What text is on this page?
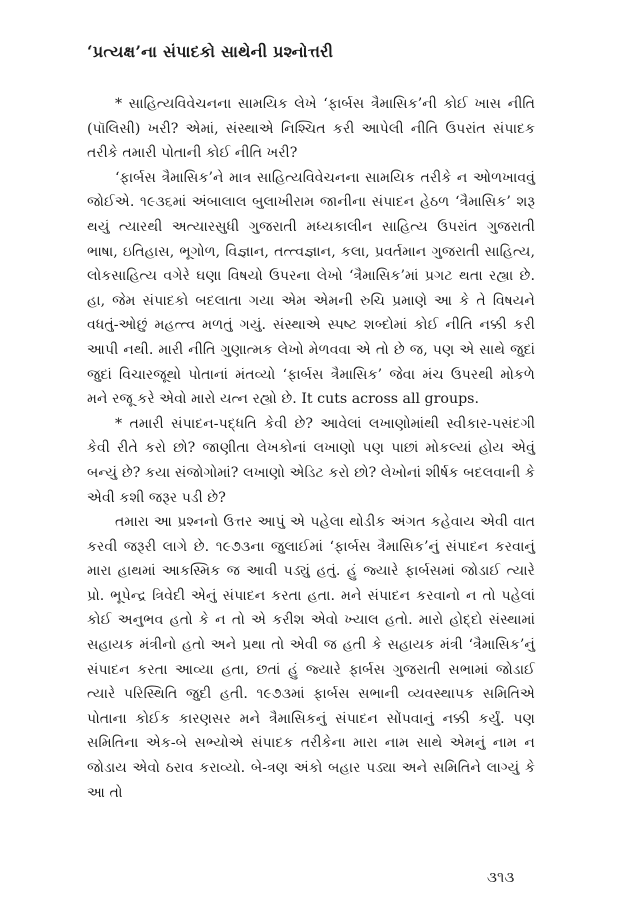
‘પ્રત્યક્ષ’ના સંપાદકો સાથેની પ્રશ્નોત્તરી

* સાહિત્યવિવેચનના સામયિક લેખે ‘ફાર્બસ ત્રૈમાસિક’ની કોઈ ખાસ નીતિ (પૉલિસી) ખરી? એમાં, સંસ્થાએ નિશ્ચિત કરી આપેલી નીતિ ઉપરાંત સંપાદક તરીકે તમારી પોતાની કોઈ નીતિ ખરી?

‘ફાર્બસ ત્રૈમાસિક’ને માત્ર સાહિત્યવિવેચનના સામયિક તરીકે ન ઓળખાવવું જોઈએ. ૧૯૩૬માં અંબાલાલ બુલાખીરામ જાનીના સંપાદન હેઠળ ‘ત્રૈમાસિક’ શરૂ થયું ત્યારથી અત્યારસુધી ગુજરાતી મધ્યકાલીન સાહિત્ય ઉપરાંત ગુજરાતી ભાષા, ઇતિહાસ, ભૂગોળ, વિજ્ઞાન, તત્ત્વજ્ઞાન, કલા, પ્રવર્તમાન ગુજરાતી સાહિત્ય, લોકસાહિત્ય વગેરે ઘણા વિષયો ઉપરના લેખો ‘ત્રૈમાસિક’માં પ્રગટ થતા રહ્યા છે. હા, જેમ સંપાદકો બદલાતા ગયા એમ એમની રુચિ પ્રમાણે આ કે તે વિષયને વધતું-ઓછું મહત્ત્વ મળતું ગયું. સંસ્થાએ સ્પષ્ટ શબ્દોમાં કોઈ નીતિ નક્કી કરી આપી નથી. મારી નીતિ ગુણાત્મક લેખો મેળવવા એ તો છે જ, પણ એ સાથે જુદાં જુદાં વિચારજૂથો પોતાનાં મંતવ્યો ‘ફાર્બસ ત્રૈમાસિક’ જેવા મંચ ઉપરથી મોકળે મને રજૂ કરે એવો મારો યત્ન રહ્યો છે. It cuts across all groups.

* તમારી સંપાદન-પદ્ધતિ કેવી છે? આવેલાં લખાણોમાંથી સ્વીકાર-પસંદગી કેવી રીતે કરો છો? જાણીતા લેખકોનાં લખાણો પણ પાછાં મોકલ્યાં હોય એવું બન્યું છે? કયા સંજોગોમાં? લખાણો એડિટ કરો છો? લેખોનાં શીર્ષક બદલવાની કે એવી કશી જરૂર પડી છે?

તમારા આ પ્રશ્નનો ઉત્તર આપું એ પહેલા થોડીક અંગત કહેવાય એવી વાત કરવી જરૂરી લાગે છે. ૧૯૭૩ના જુલાઈમાં ‘ફાર્બસ ત્રૈમાસિક’નું સંપાદન કરવાનું મારા હાથમાં આકસ્મિક જ આવી પડ્યું હતું. હું જ્યારે ફાર્બસમાં જોડાઈ ત્યારે પ્રો. ભૂપેન્દ્ર ત્રિવેદી એનું સંપાદન કરતા હતા. મને સંપાદન કરવાનો ન તો પહેલાં કોઈ અનુભવ હતો કે ન તો એ કરીશ એવો ખ્યાલ હતો. મારો હોદ્દો સંસ્થામાં સહાયક મંત્રીનો હતો અને પ્રથા તો એવી જ હતી કે સહાયક મંત્રી ‘ત્રૈમાસિક’નું સંપાદન કરતા આવ્યા હતા, છતાં હું જ્યારે ફાર્બસ ગુજરાતી સભામાં જોડાઈ ત્યારે પરિસ્થિતિ જુદી હતી. ૧૯૭૩માં ફાર્બસ સભાની વ્યવસ્થાપક સમિતિએ પોતાના કોઈક કારણસર મને ત્રૈમાસિકનું સંપાદન સોંપવાનું નક્કી કર્યું. પણ સમિતિના એક-બે સભ્યોએ સંપાદક તરીકેના મારા નામ સાથે એમનું નામ ન જોડાય એવો ઠરાવ કરાવ્યો. બે-ત્રણ અંકો બહાર પડ્યા અને સમિતિને લાગ્યું કે આ તો

૩૧૩
